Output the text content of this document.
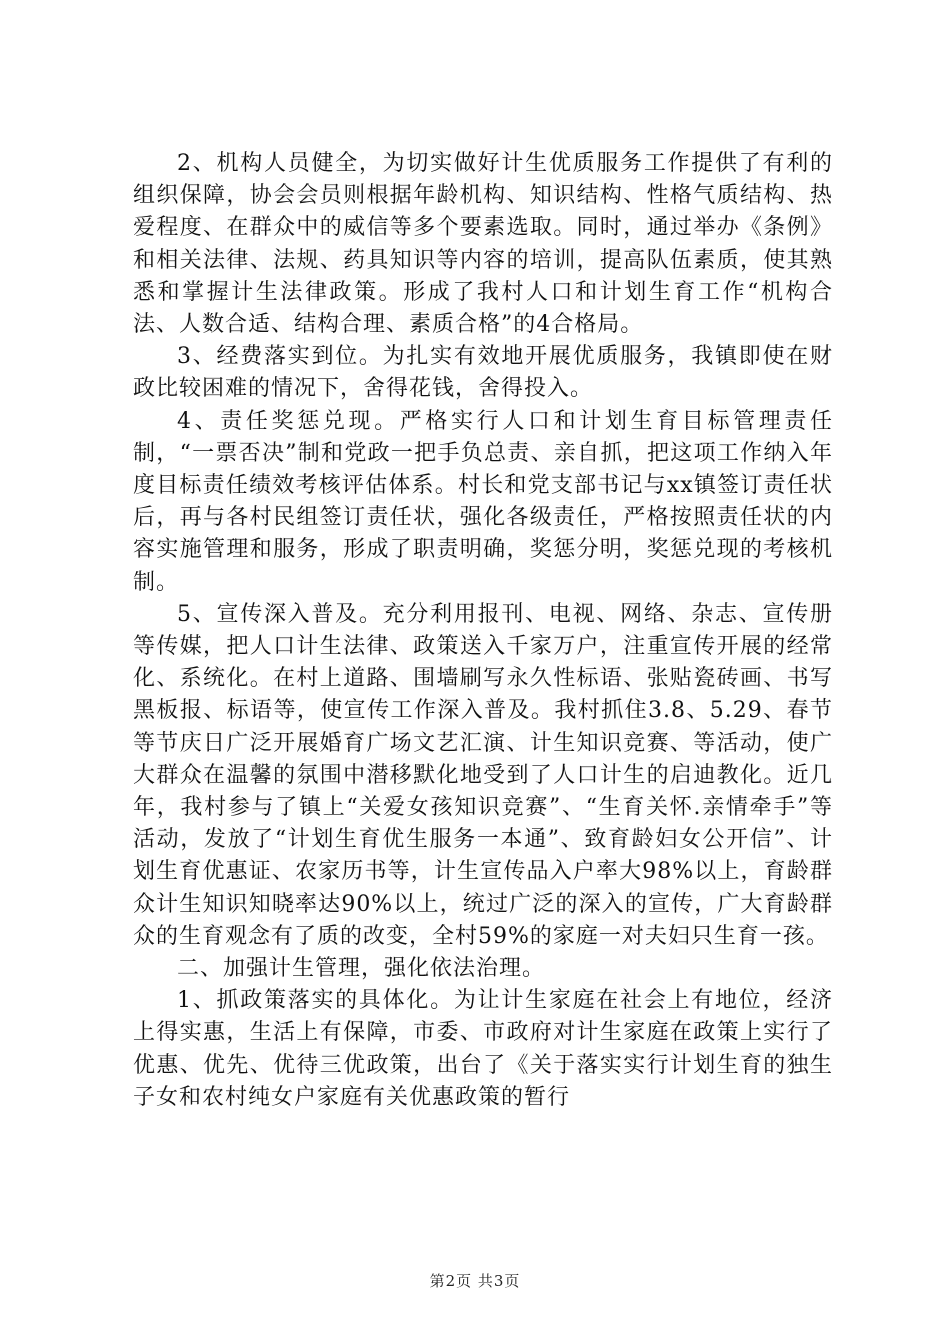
2、机构人员健全，为切实做好计生优质服务工作提供了有利的组织保障，协会会员则根据年龄机构、知识结构、性格气质结构、热爱程度、在群众中的威信等多个要素选取。同时，通过举办《条例》和相关法律、法规、药具知识等内容的培训，提高队伍素质，使其熟悉和掌握计生法律政策。形成了我村人口和计划生育工作“机构合法、人数合适、结构合理、素质合格”的4合格局。

3、经费落实到位。为扎实有效地开展优质服务，我镇即使在财政比较困难的情况下，舍得花钱，舍得投入。

4、责任奖惩兑现。严格实行人口和计划生育目标管理责任制，“一票否决”制和党政一把手负总责、亲自抓，把这项工作纳入年度目标责任绩效考核评估体系。村长和党支部书记与xx镇签订责任状后，再与各村民组签订责任状，强化各级责任，严格按照责任状的内容实施管理和服务，形成了职责明确，奖惩分明，奖惩兑现的考核机制。

5、宣传深入普及。充分利用报刊、电视、网络、杂志、宣传册等传媒，把人口计生法律、政策送入千家万户，注重宣传开展的经常化、系统化。在村上道路、围墙刷写永久性标语、张贴瓷砖画、书写黑板报、标语等，使宣传工作深入普及。我村抓住3.8、5.29、春节等节庆日广泛开展婚育广场文艺汇演、计生知识竞赛、等活动，使广大群众在温馨的氛围中潜移默化地受到了人口计生的启迪教化。近几年，我村参与了镇上“关爱女孩知识竞赛”、“生育关怀.亲情牵手”等活动，发放了“计划生育优生服务一本通”、致育龄妇女公开信”、计划生育优惠证、农家历书等，计生宣传品入户率大98%以上，育龄群众计生知识知晓率达90%以上，统过广泛的深入的宣传，广大育龄群众的生育观念有了质的改变，全村59%的家庭一对夫妇只生育一孩。

二、加强计生管理，强化依法治理。

1、抓政策落实的具体化。为让计生家庭在社会上有地位，经济上得实惠，生活上有保障，市委、市政府对计生家庭在政策上实行了优惠、优先、优待三优政策，出台了《关于落实实行计划生育的独生子女和农村纯女户家庭有关优惠政策的暂行

第2页 共3页
